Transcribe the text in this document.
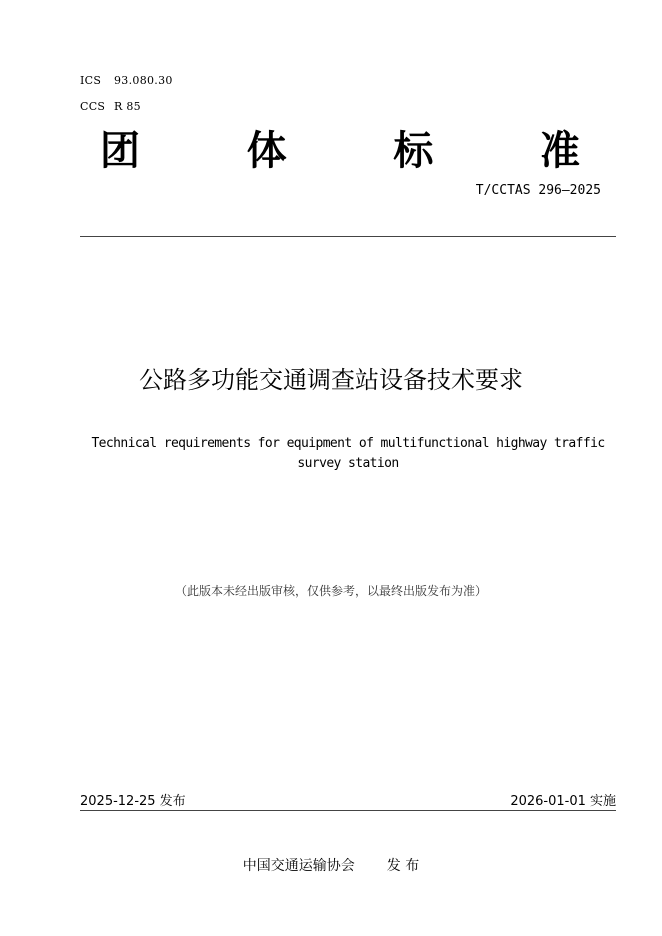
ICS 93.080.30
CCS R 85
团	体	标	准
T/CCTAS 296—2025
公路多功能交通调查站设备技术要求
Technical requirements for equipment of multifunctional highway traffic
survey station
（此版本未经出版审核，仅供参考，以最终出版发布为准）
2025-12-25 发布	2026-01-01 实施
中国交通运输协会 发 布
